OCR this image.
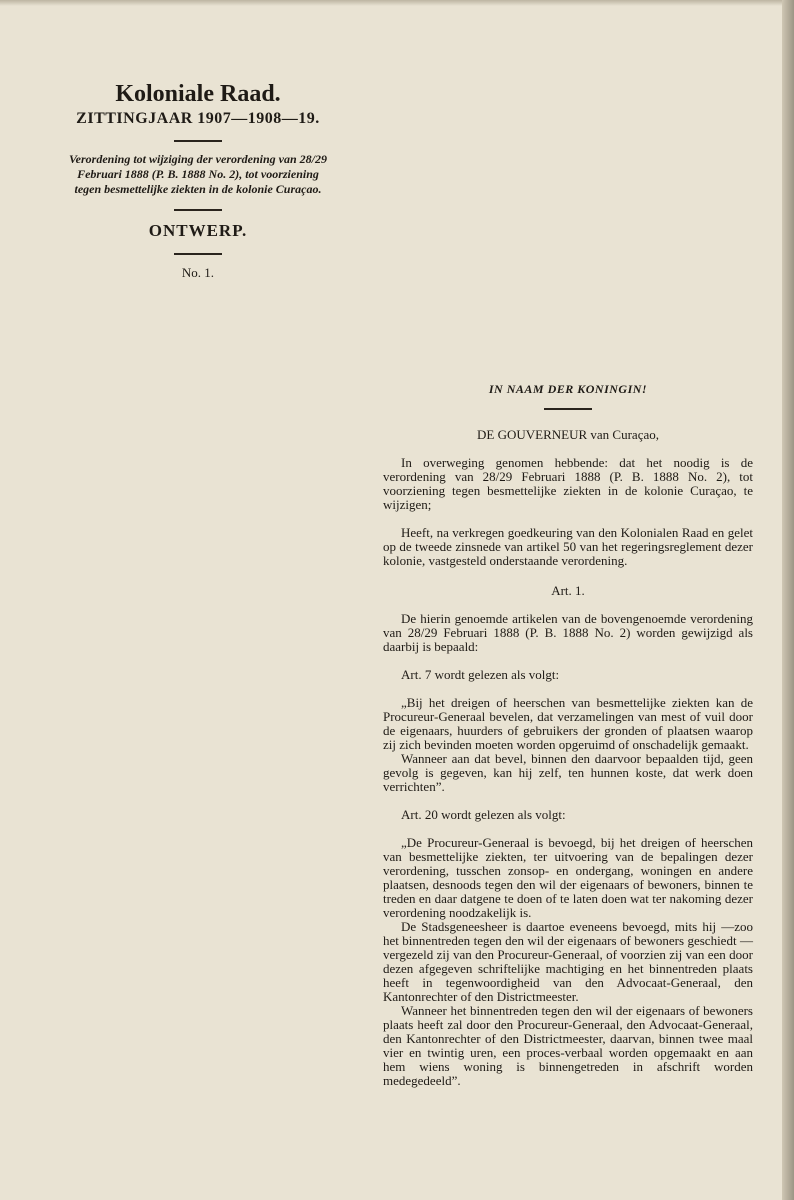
Koloniale Raad.

ZITTINGJAAR 1907—1908—19.

Verordening tot wijziging der verordening van 28/29 Februari 1888 (P. B. 1888 No. 2), tot voorziening tegen besmettelijke ziekten in de kolonie Curaçao.

ONTWERP.

No. 1.

IN NAAM DER KONINGIN!

DE GOUVERNEUR van Curaçao,

In overweging genomen hebbende: dat het noodig is de verordening van 28/29 Februari 1888 (P. B. 1888 No. 2), tot voorziening tegen besmettelijke ziekten in de kolonie Curaçao, te wijzigen;

Heeft, na verkregen goedkeuring van den Kolonialen Raad en gelet op de tweede zinsnede van artikel 50 van het regeringsreglement dezer kolonie, vastgesteld onderstaande verordening.

Art. 1.

De hierin genoemde artikelen van de bovengenoemde verordening van 28/29 Februari 1888 (P. B. 1888 No. 2) worden gewijzigd als daarbij is bepaald:

Art. 7 wordt gelezen als volgt:

„Bij het dreigen of heerschen van besmettelijke ziekten kan de Procureur-Generaal bevelen, dat verzamelingen van mest of vuil door de eigenaars, huurders of gebruikers der gronden of plaatsen waarop zij zich bevinden moeten worden opgeruimd of onschadelijk gemaakt.

Wanneer aan dat bevel, binnen den daarvoor bepaalden tijd, geen gevolg is gegeven, kan hij zelf, ten hunnen koste, dat werk doen verrichten”.

Art. 20 wordt gelezen als volgt:

„De Procureur-Generaal is bevoegd, bij het dreigen of heerschen van besmettelijke ziekten, ter uitvoering van de bepalingen dezer verordening, tusschen zonsop- en ondergang, woningen en andere plaatsen, desnoods tegen den wil der eigenaars of bewoners, binnen te treden en daar datgene te doen of te laten doen wat ter nakoming dezer verordening noodzakelijk is.

De Stadsgeneesheer is daartoe eveneens bevoegd, mits hij —zoo het binnentreden tegen den wil der eigenaars of bewoners geschiedt — vergezeld zij van den Procureur-Generaal, of voorzien zij van een door dezen afgegeven schriftelijke machtiging en het binnentreden plaats heeft in tegenwoordigheid van den Advocaat-Generaal, den Kantonrechter of den Districtmeester.

Wanneer het binnentreden tegen den wil der eigenaars of bewoners plaats heeft zal door den Procureur-Generaal, den Advocaat-Generaal, den Kantonrechter of den Districtmeester, daarvan, binnen twee maal vier en twintig uren, een proces-verbaal worden opgemaakt en aan hem wiens woning is binnengetreden in afschrift worden medegedeeld”.
